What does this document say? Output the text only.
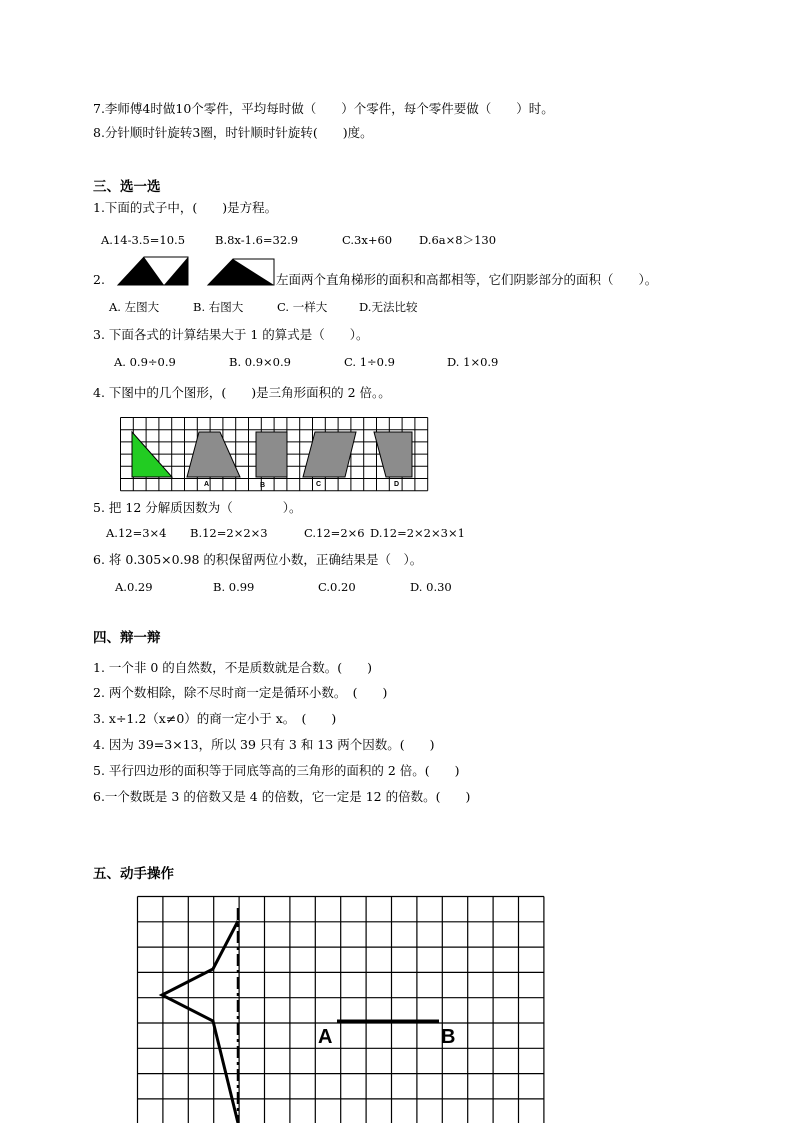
7.李师傅4时做10个零件，平均每时做（　　）个零件，每个零件要做（　　）时。
8.分针顺时针旋转3圈，时针顺时针旋转(　　)度。
三、选一选
1.下面的式子中，(　　)是方程。
A.14-3.5=10.5	B.8x-1.6=32.9	C.3x+60 D.6a×8＞130
2.	左面两个直角梯形的面积和高都相等，它们阴影部分的面积（　　）。
A. 左图大	B. 右图大	C. 一样大	D.无法比较
3. 下面各式的计算结果大于 1 的算式是（　　）。
A. 0.9÷0.9	B. 0.9×0.9	C. 1÷0.9	D. 1×0.9
4. 下图中的几个图形，(　　)是三角形面积的 2 倍。。
A	B	C	D
5. 把 12 分解质因数为（　　　　）。
A.12=3×4 B.12=2×2×3	C.12=2×6 D.12=2×2×3×1
6. 将 0.305×0.98 的积保留两位小数，正确结果是（　）。
A.0.29	B. 0.99	C.0.20	D. 0.30
四、辩一辩
1. 一个非 0 的自然数，不是质数就是合数。(　　)
2. 两个数相除，除不尽时商一定是循环小数。　(　　)
3. x÷1.2（x≠0）的商一定小于 x。　(　　)
4. 因为 39=3×13，所以 39 只有 3 和 13 两个因数。(　　)
5. 平行四边形的面积等于同底等高的三角形的面积的 2 倍。(　　)
6.一个数既是 3 的倍数又是 4 的倍数，它一定是 12 的倍数。(　　)
五、动手操作
A	B
